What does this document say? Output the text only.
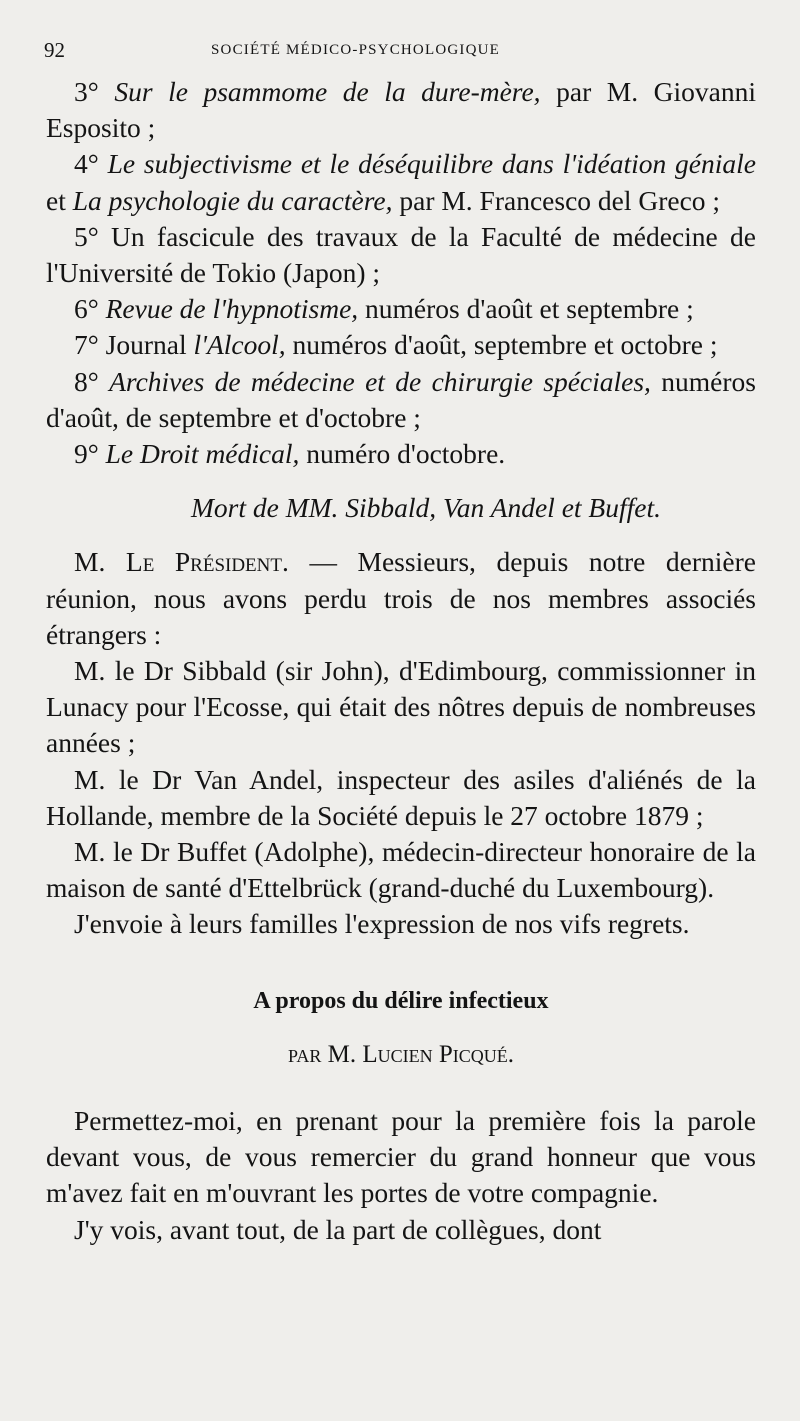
92	SOCIÉTÉ MÉDICO-PSYCHOLOGIQUE

3° Sur le psammome de la dure-mère, par M. Giovanni Esposito ;

4° Le subjectivisme et le déséquilibre dans l'idéation géniale et La psychologie du caractère, par M. Francesco del Greco ;

5° Un fascicule des travaux de la Faculté de médecine de l'Université de Tokio (Japon) ;

6° Revue de l'hypnotisme, numéros d'août et septembre ;

7° Journal l'Alcool, numéros d'août, septembre et octobre ;

8° Archives de médecine et de chirurgie spéciales, numéros d'août, de septembre et d'octobre ;

9° Le Droit médical, numéro d'octobre.

Mort de MM. Sibbald, Van Andel et Buffet.

M. Le Président. — Messieurs, depuis notre dernière réunion, nous avons perdu trois de nos membres associés étrangers :

M. le Dr Sibbald (sir John), d'Edimbourg, commissionner in Lunacy pour l'Ecosse, qui était des nôtres depuis de nombreuses années ;

M. le Dr Van Andel, inspecteur des asiles d'aliénés de la Hollande, membre de la Société depuis le 27 octobre 1879 ;

M. le Dr Buffet (Adolphe), médecin-directeur honoraire de la maison de santé d'Ettelbrück (grand-duché du Luxembourg).

J'envoie à leurs familles l'expression de nos vifs regrets.

A propos du délire infectieux

par M. Lucien Picqué.

Permettez-moi, en prenant pour la première fois la parole devant vous, de vous remercier du grand honneur que vous m'avez fait en m'ouvrant les portes de votre compagnie.

J'y vois, avant tout, de la part de collègues, dont
